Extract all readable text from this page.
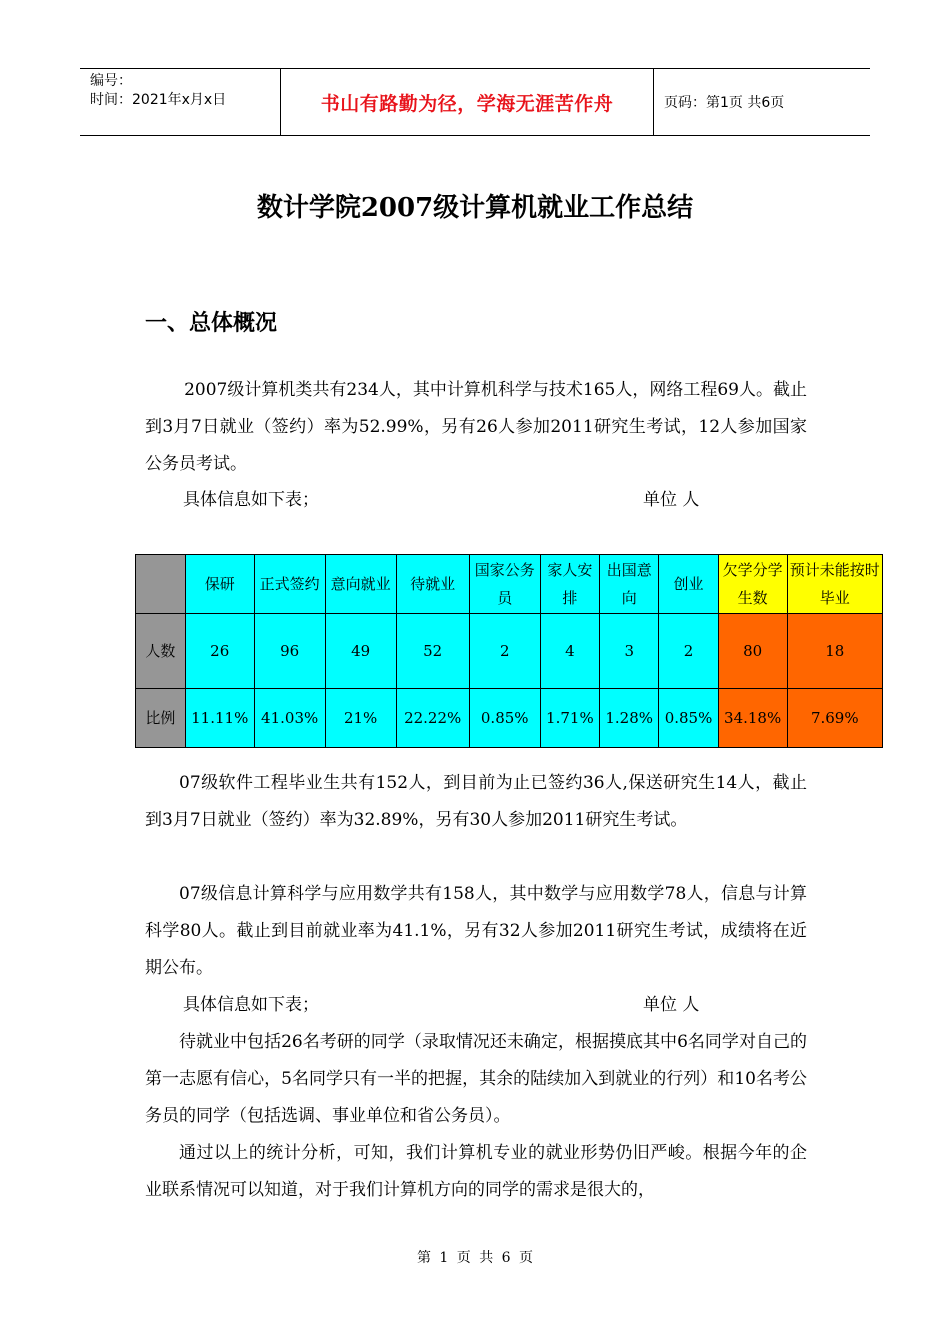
编号：
时间：2021年x月x日	书山有路勤为径，学海无涯苦作舟	页码：第1页 共6页
数计学院2007级计算机就业工作总结
一、总体概况
2007级计算机类共有234人，其中计算机科学与技术165人，网络工程69人。截止到3月7日就业（签约）率为52.99%，另有26人参加2011研究生考试，12人参加国家公务员考试。
具体信息如下表；	单位 人
	保研	正式签约	意向就业	待就业	国家公务员	家人安排	出国意向	创业	欠学分学生数	预计未能按时毕业
人数	26	96	49	52	2	4	3	2	80	18
比例	11.11%	41.03%	21%	22.22%	0.85%	1.71%	1.28%	0.85%	34.18%	7.69%
07级软件工程毕业生共有152人，到目前为止已签约36人,保送研究生14人，截止到3月7日就业（签约）率为32.89%，另有30人参加2011研究生考试。
07级信息计算科学与应用数学共有158人，其中数学与应用数学78人，信息与计算科学80人。截止到目前就业率为41.1%，另有32人参加2011研究生考试，成绩将在近期公布。
具体信息如下表；	单位 人
待就业中包括26名考研的同学（录取情况还未确定，根据摸底其中6名同学对自己的第一志愿有信心，5名同学只有一半的把握，其余的陆续加入到就业的行列）和10名考公务员的同学（包括选调、事业单位和省公务员）。
通过以上的统计分析，可知，我们计算机专业的就业形势仍旧严峻。根据今年的企业联系情况可以知道，对于我们计算机方向的同学的需求是很大的，
第 1 页 共 6 页
